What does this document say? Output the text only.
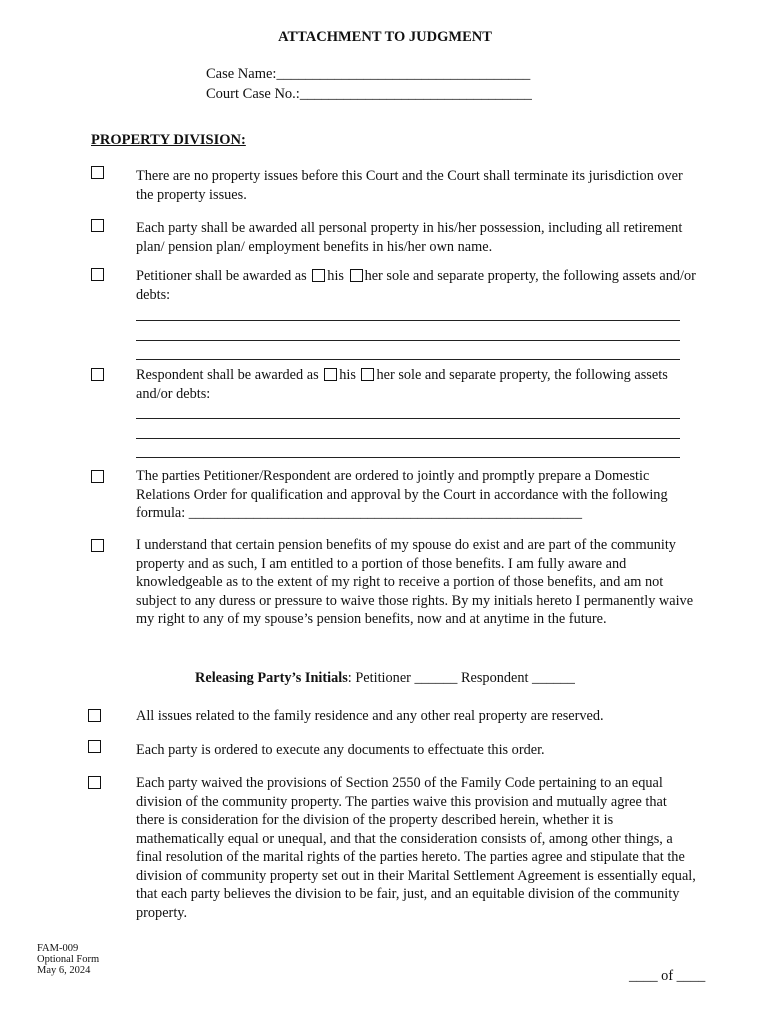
ATTACHMENT TO JUDGMENT
Case Name:___________________________________
Court Case No.:________________________________
PROPERTY DIVISION:
There are no property issues before this Court and the Court shall terminate its jurisdiction over the property issues.
Each party shall be awarded all personal property in his/her possession, including all retirement plan/ pension plan/ employment benefits in his/her own name.
Petitioner shall be awarded as his her sole and separate property, the following assets and/or debts:
Respondent shall be awarded as his her sole and separate property, the following assets and/or debts:
The parties Petitioner/Respondent are ordered to jointly and promptly prepare a Domestic Relations Order for qualification and approval by the Court in accordance with the following formula: _______________________________________________________
I understand that certain pension benefits of my spouse do exist and are part of the community property and as such, I am entitled to a portion of those benefits. I am fully aware and knowledgeable as to the extent of my right to receive a portion of those benefits, and am not subject to any duress or pressure to waive those rights. By my initials hereto I permanently waive my right to any of my spouse’s pension benefits, now and at anytime in the future.
Releasing Party’s Initials: Petitioner ______ Respondent ______
All issues related to the family residence and any other real property are reserved.
Each party is ordered to execute any documents to effectuate this order.
Each party waived the provisions of Section 2550 of the Family Code pertaining to an equal division of the community property. The parties waive this provision and mutually agree that there is consideration for the division of the property described herein, whether it is mathematically equal or unequal, and that the consideration consists of, among other things, a final resolution of the marital rights of the parties hereto. The parties agree and stipulate that the division of community property set out in their Marital Settlement Agreement is essentially equal, that each party believes the division to be fair, just, and an equitable division of the community property.
FAM-009
Optional Form
May 6, 2024	____ of ____
